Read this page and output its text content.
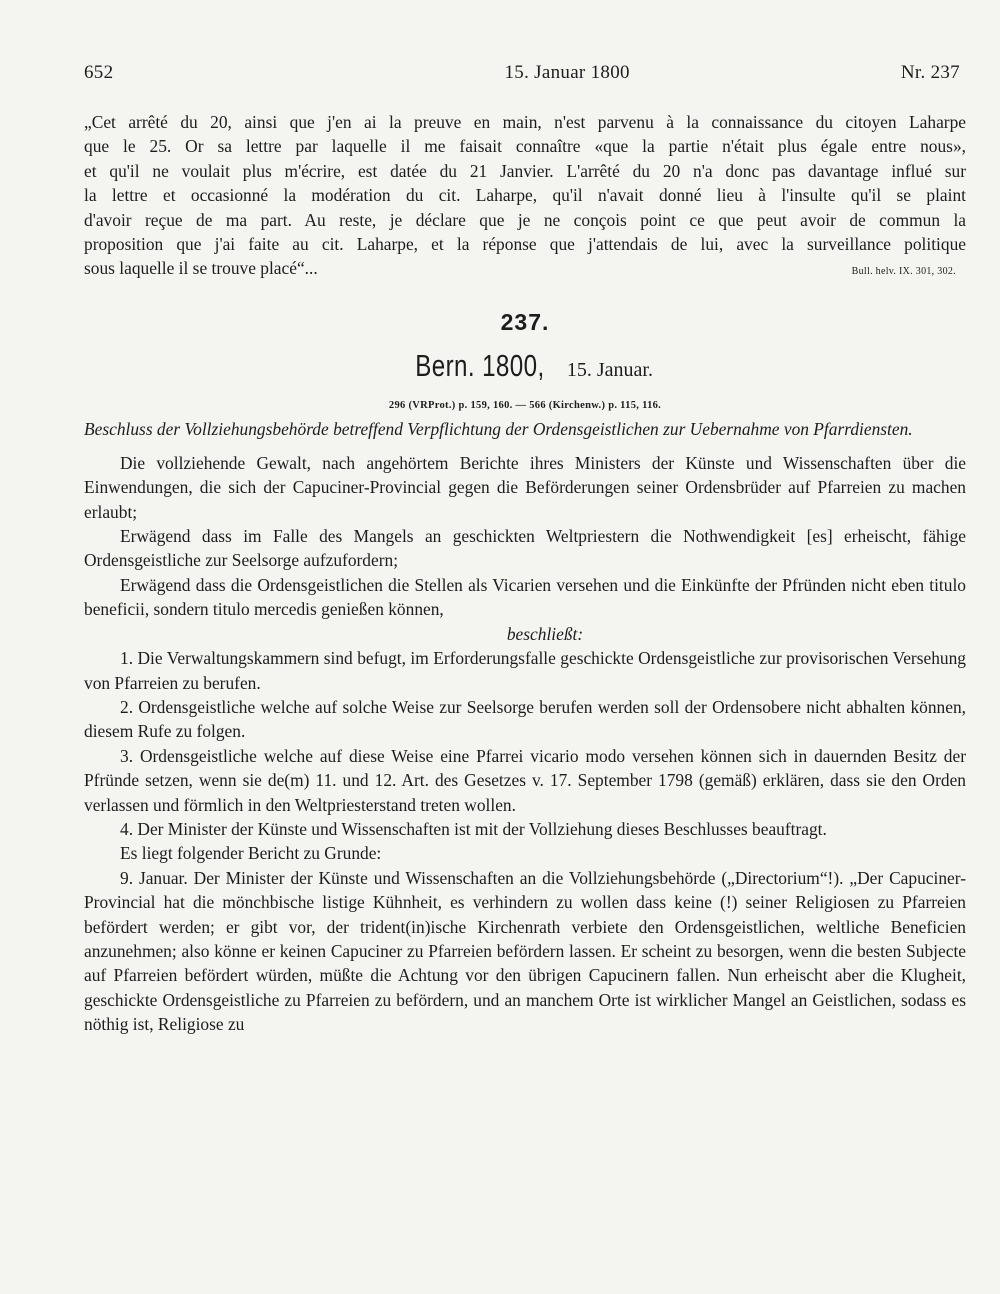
652	15. Januar 1800	Nr. 237
„Cet arrêté du 20, ainsi que j'en ai la preuve en main, n'est parvenu à la connaissance du citoyen Laharpe
que le 25. Or sa lettre par laquelle il me faisait connaître «que la partie n'était plus égale entre nous»,
et qu'il ne voulait plus m'écrire, est datée du 21 Janvier. L'arrêté du 20 n'a donc pas davantage influé sur
la lettre et occasionné la modération du cit. Laharpe, qu'il n'avait donné lieu à l'insulte qu'il se plaint
d'avoir reçue de ma part. Au reste, je déclare que je ne conçois point ce que peut avoir de commun la
proposition que j'ai faite au cit. Laharpe, et la réponse que j'attendais de lui, avec la surveillance politique
sous laquelle il se trouve placé“...	Bull. helv. IX. 301, 302.
237.
Bern. 1800, 15. Januar.
296 (VRProt.) p. 159, 160. — 566 (Kirchenw.) p. 115, 116.
Beschluss der Vollziehungsbehörde betreffend Verpflichtung der Ordensgeistlichen zur Uebernahme von Pfarrdiensten.

Die vollziehende Gewalt, nach angehörtem Berichte ihres Ministers der Künste und Wissenschaften über die Einwendungen, die sich der Capuciner-Provincial gegen die Beförderungen seiner Ordensbrüder auf Pfarreien zu machen erlaubt;

Erwägend dass im Falle des Mangels an geschickten Weltpriestern die Nothwendigkeit [es] erheischt, fähige Ordensgeistliche zur Seelsorge aufzufordern;

Erwägend dass die Ordensgeistlichen die Stellen als Vicarien versehen und die Einkünfte der Pfründen nicht eben titulo beneficii, sondern titulo mercedis genießen können,

beschließt:

1. Die Verwaltungskammern sind befugt, im Erforderungsfalle geschickte Ordensgeistliche zur provisorischen Versehung von Pfarreien zu berufen.

2. Ordensgeistliche welche auf solche Weise zur Seelsorge berufen werden soll der Ordensobere nicht abhalten können, diesem Rufe zu folgen.

3. Ordensgeistliche welche auf diese Weise eine Pfarrei vicario modo versehen können sich in dauernden Besitz der Pfründe setzen, wenn sie de(m) 11. und 12. Art. des Gesetzes v. 17. September 1798 (gemäß) erklären, dass sie den Orden verlassen und förmlich in den Weltpriesterstand treten wollen.

4. Der Minister der Künste und Wissenschaften ist mit der Vollziehung dieses Beschlusses beauftragt.

Es liegt folgender Bericht zu Grunde:

9. Januar. Der Minister der Künste und Wissenschaften an die Vollziehungsbehörde („Directorium“!). „Der Capuciner-Provincial hat die mönchbische listige Kühnheit, es verhindern zu wollen dass keine (!) seiner Religiosen zu Pfarreien befördert werden; er gibt vor, der trident(in)ische Kirchenrath verbiete den Ordensgeistlichen, weltliche Beneficien anzunehmen; also könne er keinen Capuciner zu Pfarreien befördern lassen. Er scheint zu besorgen, wenn die besten Subjecte auf Pfarreien befördert würden, müßte die Achtung vor den übrigen Capucinern fallen. Nun erheischt aber die Klugheit, geschickte Ordensgeistliche zu Pfarreien zu befördern, und an manchem Orte ist wirklicher Mangel an Geistlichen, sodass es nöthig ist, Religiose zu
